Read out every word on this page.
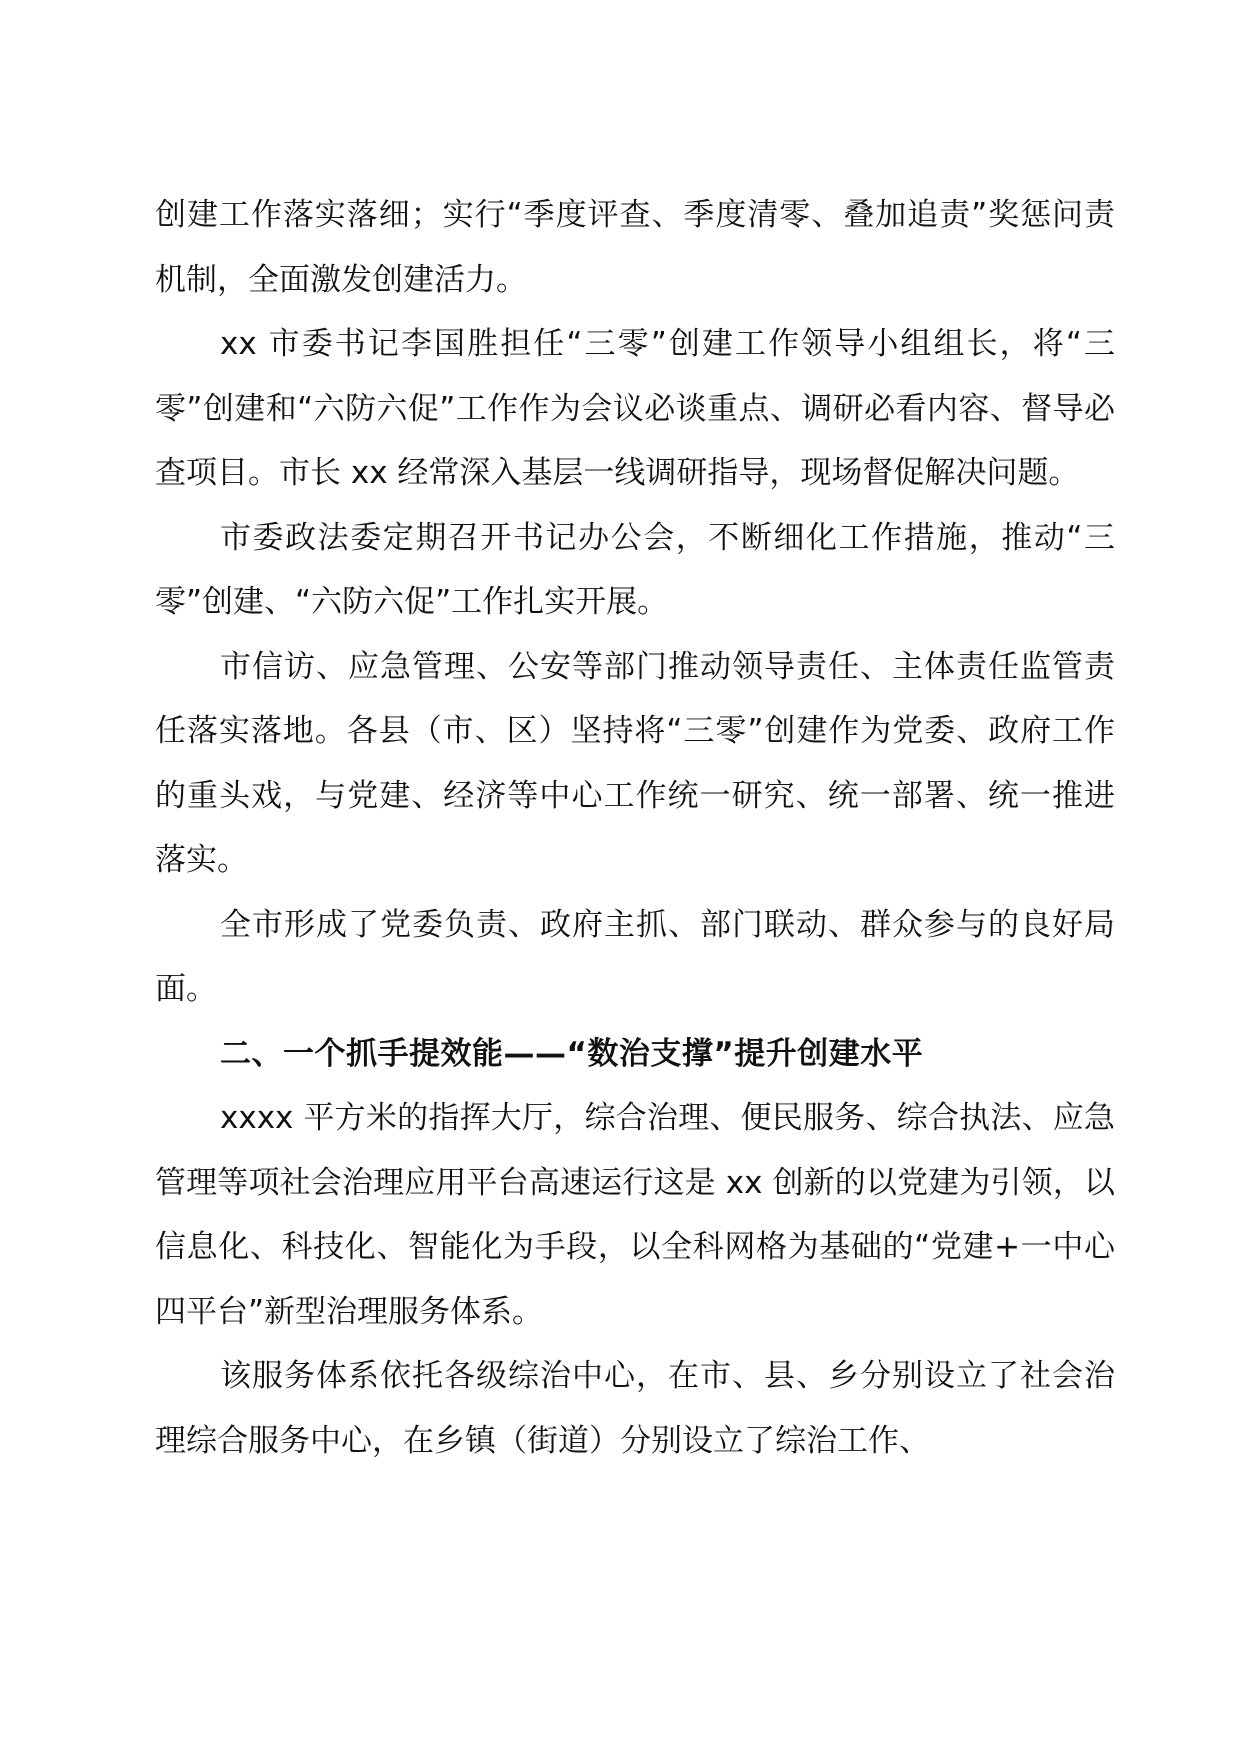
创建工作落实落细；实行“季度评查、季度清零、叠加追责”奖惩问责机制，全面激发创建活力。

xx 市委书记李国胜担任“三零”创建工作领导小组组长，将“三零”创建和“六防六促”工作作为会议必谈重点、调研必看内容、督导必查项目。市长 xx 经常深入基层一线调研指导，现场督促解决问题。

市委政法委定期召开书记办公会，不断细化工作措施，推动“三零”创建、“六防六促”工作扎实开展。

市信访、应急管理、公安等部门推动领导责任、主体责任监管责任落实落地。各县（市、区）坚持将“三零”创建作为党委、政府工作的重头戏，与党建、经济等中心工作统一研究、统一部署、统一推进落实。

全市形成了党委负责、政府主抓、部门联动、群众参与的良好局面。

二、一个抓手提效能——“数治支撑”提升创建水平

xxxx 平方米的指挥大厅，综合治理、便民服务、综合执法、应急管理等项社会治理应用平台高速运行这是 xx 创新的以党建为引领，以信息化、科技化、智能化为手段，以全科网格为基础的“党建+一中心四平台”新型治理服务体系。

该服务体系依托各级综治中心，在市、县、乡分别设立了社会治理综合服务中心，在乡镇（街道）分别设立了综治工作、
